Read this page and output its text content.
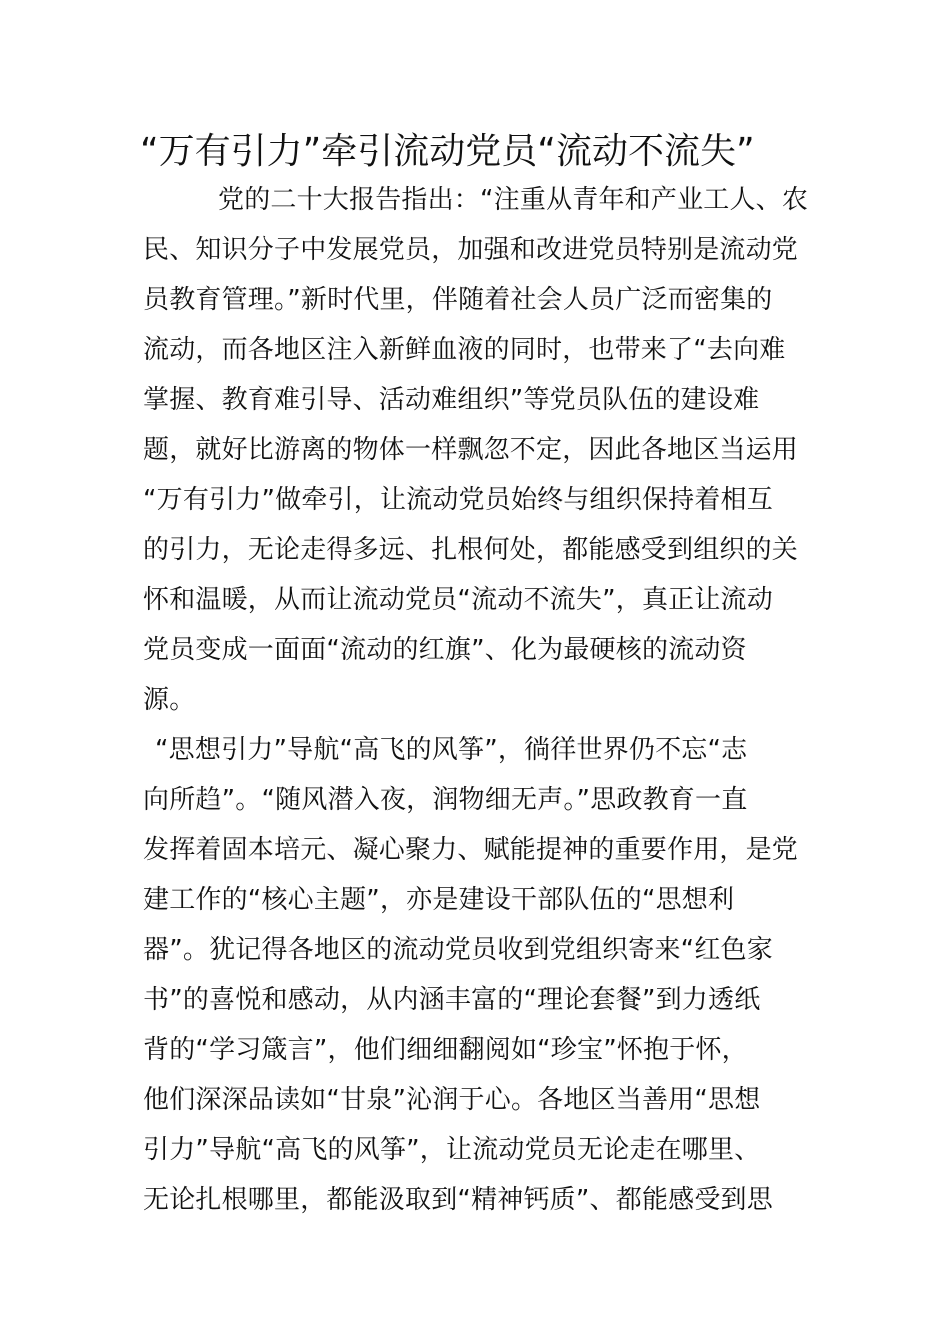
“万有引力”牵引流动党员“流动不流失”

党的二十大报告指出：“注重从青年和产业工人、农

民、知识分子中发展党员，加强和改进党员特别是流动党

员教育管理。”新时代里，伴随着社会人员广泛而密集的

流动，而各地区注入新鲜血液的同时，也带来了“去向难

掌握、教育难引导、活动难组织”等党员队伍的建设难

题，就好比游离的物体一样飘忽不定，因此各地区当运用

“万有引力”做牵引，让流动党员始终与组织保持着相互

的引力，无论走得多远、扎根何处，都能感受到组织的关

怀和温暖，从而让流动党员“流动不流失”，真正让流动

党员变成一面面“流动的红旗”、化为最硬核的流动资

源。

“思想引力”导航“高飞的风筝”，徜徉世界仍不忘“志

向所趋”。“随风潜入夜，润物细无声。”思政教育一直

发挥着固本培元、凝心聚力、赋能提神的重要作用，是党

建工作的“核心主题”，亦是建设干部队伍的“思想利

器”。犹记得各地区的流动党员收到党组织寄来“红色家

书”的喜悦和感动，从内涵丰富的“理论套餐”到力透纸

背的“学习箴言”，他们细细翻阅如“珍宝”怀抱于怀，

他们深深品读如“甘泉”沁润于心。各地区当善用“思想

引力”导航“高飞的风筝”，让流动党员无论走在哪里、

无论扎根哪里，都能汲取到“精神钙质”、都能感受到思
